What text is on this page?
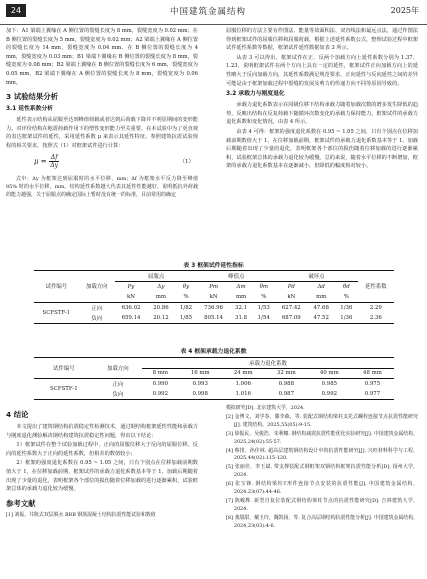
24	中国建筑金属结构	2025年

加下：A1 梁端上翼缘在 A 侧位置的裂缝长度为 8 mm，裂缝宽度为 0.02 mm；在 B 侧位置的裂缝长度为 5 mm，裂缝宽度为 0.02 mm；A2 梁端上翼缘在 A 侧位置的裂缝长度为 14 mm，裂缝宽度为 0.04 mm，在 B 侧位置的裂缝长度为 4 mm，裂缝宽度为 0.03 mm；B1 梁端下翼缘在 B 侧位置的裂缝长度为 8 mm，裂缝宽度为 0.08 mm；B2 梁端上翼缘在 B 侧位置的裂缝长度为 6 mm，裂缝宽度为 0.05 mm，B2 梁端下翼缘在 A 侧位置的裂缝长度为 8 mm，裂缝宽度为 0.06 mm。

3 试验结果分析
3.1 延性系数分析

延性表示结构从屈服至达到峰值荷载或者达到后荷载下降并不明显期间的变形能力。对评价结构在地震荷载作用下的塑性变形能力至关重要。在本试验中为了更直观的表达框架试件的延性，采用延性系数 μ 来表示其延性特征。参照建筑抗震试验规程的相关要求，按照式（1）对框架试件进行计算：

$\mu = \frac{\Delta f}{\Delta y}$	（1）

式中：Δy 为框架达到屈服时的水平位移，mm；Δf 为框架水平反力降至峰值 85% 时的水平位移，mm。结构延性系数越大代表其延性性能越好，说明抵抗外荷载的能力越强，关于屈服点的确定国际上暂时没有统一的标准，目前常用的确定

屈服位移的方法主要有作图法、能量等效面积法、双直线法和最远点法，通过作图法得到框架试件的屈服位移和屈服荷载。根据上述延性系数公式，整理试验过程中框架试件延性系数等数据，框架试件延性数据如表 3 所示。

从表 3 可以得出，框架试件在正、反两个加载方向上延性系数分别为 1.37、1.23，说明框架试件在两个方向上具有一定的延性，框架试件正向加载方向上的延性略大于反向加载方向，其延性系数满足规范要求，正向延性与反向延性之间的差异可能是由于框架加载过程中裂缝的发展及剪力的传递方向不同等原因导致的。

3.2 承载力与刚度退化

承载力退化系数表示在同级位移下结构承载力随着加载次数的增多发生降低的趋势，反映出结构在反复荷载下随循环次数变化的承载力保持能力。框架试件的承载力退化系数和变化情况，由表 4 所示。

由表 4 可得：框架的强度退化系数在 0.95 ~ 1.05 之间，只有个别点在位移加载前期数值大于 1，在位移加载前期，框架试件的承载力退化系数基本等于 1，加载后期随着出现了少量的退化，表明框架各个部位的损伤随着位移加载的进行逐渐累积，试验框架总体的承载力退化较为缓慢。总的来说，随着水平位移的不断增加，框架的承载力退化系数基本在逐渐减小，但降低的幅度相对较小。

表 3 框架试件延性指标
试件编号	加载方向	屈服点			峰值点			破坏点			延性系数
		Py	Δy	θy	Pm	Δm	θm	Pd	Δd	θd	
		kN	mm	%	kN	mm	%	kN	mm	%	
SCFSTF-1	正向	636.02	20.86	1/82	736.96	32.1	1/53	627.42	47.68	1/36	2.29
	负向	659.14	20.12	1/85	805.14	31.8	1/54	687.09	47.52	1/36	2.36
表 4 框架承载力退化系数
试件编号	加载方向	承载力退化系数					
		8 mm	16 mm	24 mm	32 mm	40 mm	48 mm
SCFSTF-1	正向	0.990	0.993	1.006	0.988	0.985	0.975
	负向	0.992	0.998	1.016	0.987	0.992	0.977
4 结论

本文提出了建筑钢结构抗震稳定性检测技术，通过钢结构框架延性性能和承载力与刚度退化测验解决钢结构建筑抗震稳定性问题，得出以下结论：

1）框架试件在整个试验加载过程中，正向的屈服位移大于反向的屈服位移，反向的延性系数大于正向的延性系数，但相差的数值较小；

2）框架的强度退化系数在 0.95 ~ 1.05 之间，只有个别点在位移加载前期数值大于 1，在位移加载前期，框架试件的承载力退化系数基本等于 1，加载后期随着出现了少量的退化，表明框架各个部位的损伤随着位移加载的进行逐渐累积，试验框架总体的承载力退化较为缓慢。

参考文献

[1] 刘振，井陈式双层脱水 BRB 钢筋混凝土结构抗震性能试验和数值

模拟研究[D]. 北京建筑大学，2024.

[2] 金博文，刘学春，滕李森，等. 装配式钢结构梁柱支托式螺栓连接节点抗震性能研究[J]. 建筑结构，2025,55(05):9-15.

[3] 徐振民，吴俊浩，朱利娜. 钢结构减震抗震性能优化实验研究[J]. 中国建筑金属结构，2025,24(02):55-57.

[4] 蔡排，孙佳林. 超高层建筑钢结构设计中的抗震性能研究[J]. 兴旺材料科学与工程，2025,44(02):115-120.

[5] 张丽佳，李玉斌. 带支撑装配式钢框架双钢结构框架抗震性能分析[D]. 扬州大学，2024.

[6] 张宝锋. 钢结构梁柱T形件连接节点安装的抗震性能[J]. 中国建筑金属结构，2024,23(07):44-46.

[7] 陈峻桦. 新型自复位装配式钢结构梁柱节点的抗震性能研究[D]. 吉林建筑大学，2024.

[8] 龚甜甜，戴玉玲，魏凯扬，等. 复合高层钢结构抗震性能分析[J]. 中国建筑金属结构，2024,23(03):4-6.
